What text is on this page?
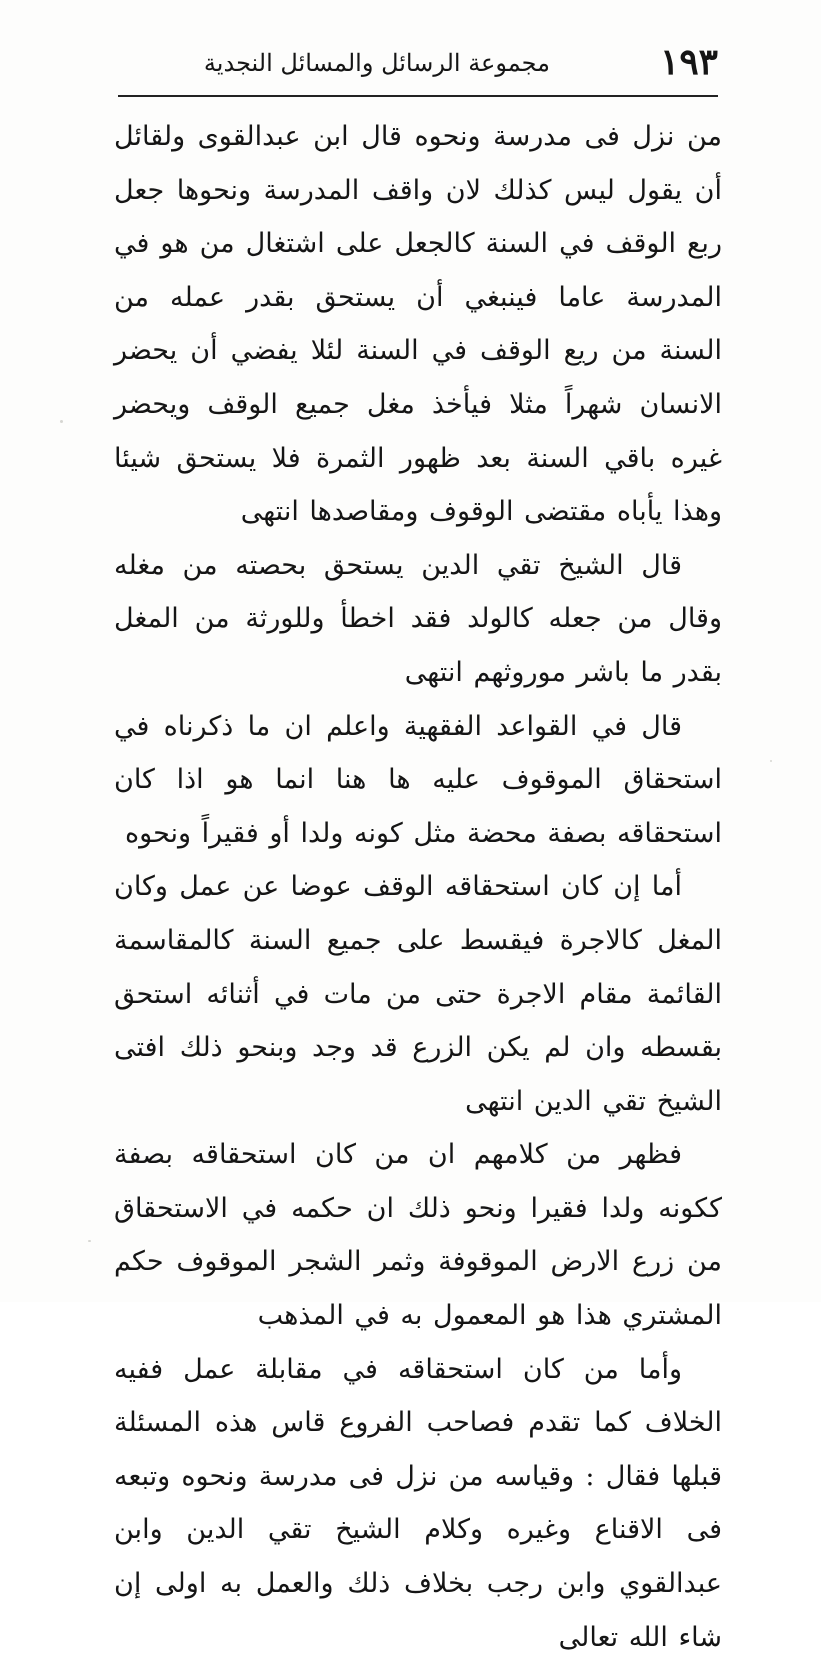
١٩٣
مجموعة الرسائل والمسائل النجدية

من نزل فى مدرسة ونحوه قال ابن عبدالقوى ولقائل أن يقول ليس كذلك لان واقف المدرسة ونحوها جعل ربع الوقف في السنة كالجعل على اشتغال من هو في المدرسة عاما فينبغي أن يستحق بقدر عمله من السنة من ريع الوقف في السنة لئلا يفضي أن يحضر الانسان شهراً مثلا فيأخذ مغل جميع الوقف ويحضر غيره باقي السنة بعد ظهور الثمرة فلا يستحق شيئا وهذا يأباه مقتضى الوقوف ومقاصدها انتهى

قال الشيخ تقي الدين يستحق بحصته من مغله وقال من جعله كالولد فقد اخطأ وللورثة من المغل بقدر ما باشر موروثهم انتهى

قال في القواعد الفقهية واعلم ان ما ذكرناه في استحقاق الموقوف عليه ها هنا انما هو اذا كان استحقاقه بصفة محضة مثل كونه ولدا أو فقيراً ونحوه

أما إن كان استحقاقه الوقف عوضا عن عمل وكان المغل كالاجرة فيقسط على جميع السنة كالمقاسمة القائمة مقام الاجرة حتى من مات في أثنائه استحق بقسطه وان لم يكن الزرع قد وجد وبنحو ذلك افتى الشيخ تقي الدين انتهى

فظهر من كلامهم ان من كان استحقاقه بصفة ككونه ولدا فقيرا ونحو ذلك ان حكمه في الاستحقاق من زرع الارض الموقوفة وثمر الشجر الموقوف حكم المشتري هذا هو المعمول به في المذهب

وأما من كان استحقاقه في مقابلة عمل ففيه الخلاف كما تقدم فصاحب الفروع قاس هذه المسئلة قبلها فقال : وقياسه من نزل فى مدرسة ونحوه وتبعه فى الاقناع وغيره وكلام الشيخ تقي الدين وابن عبدالقوي وابن رجب بخلاف ذلك والعمل به اولى إن شاء الله تعالى
